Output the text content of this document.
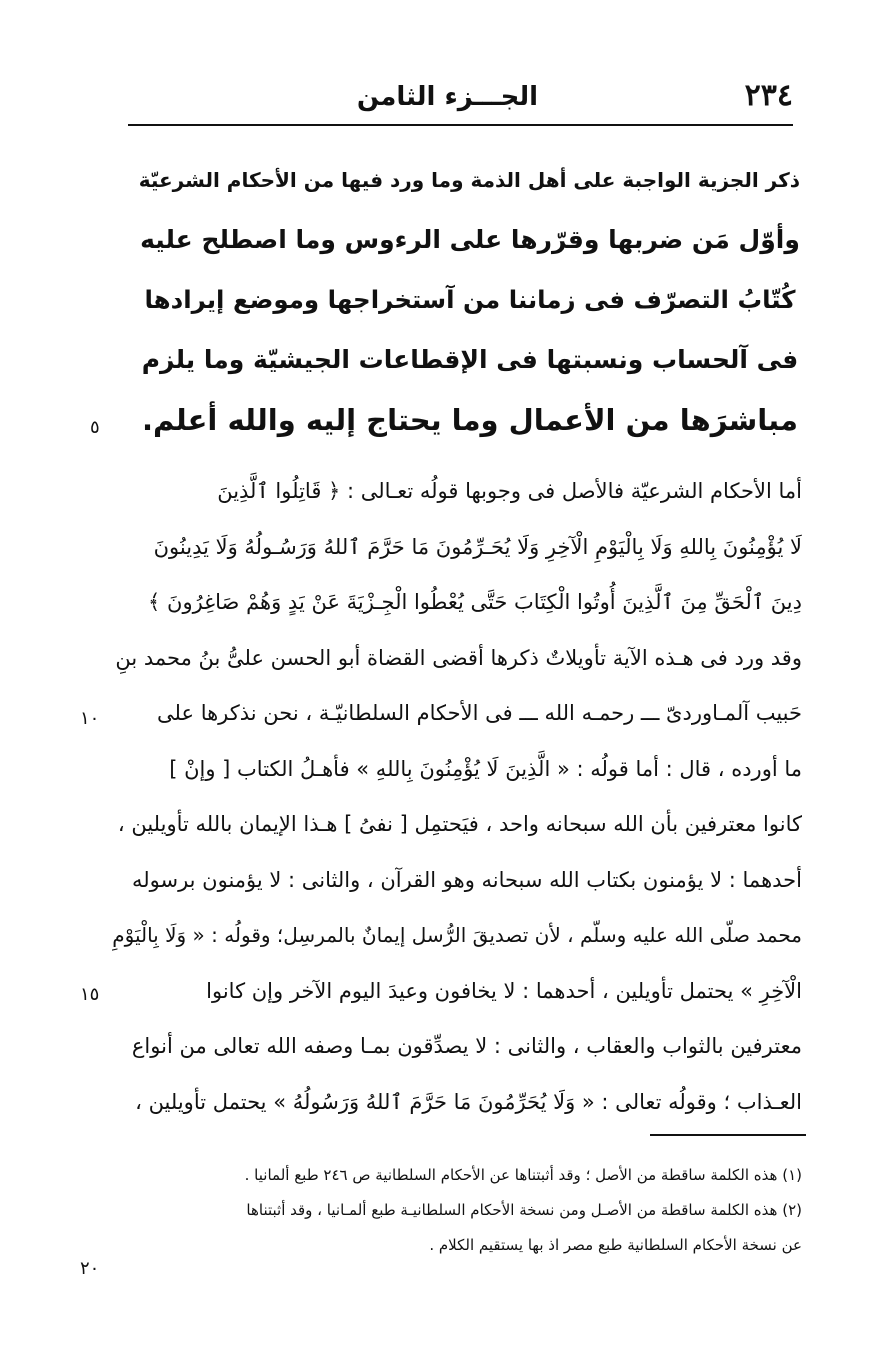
٢٣٤
الجـــزء الثامن
ذكر الجزية الواجبة على أهل الذمة وما ورد فيها من الأحكام الشرعيّة
وأوّل مَن ضربها وقرّرها على الرءوس وما اصطلح عليه
كُتّابُ التصرّف فى زماننا من آستخراجها وموضع إيرادها
فى آلحساب ونسبتها فى الإقطاعات الجيشيّة وما يلزم
مباشرَها من الأعمال وما يحتاج إليه والله أعلم.
٥
١٠
١٥
٢٠
أما الأحكام الشرعيّة فالأصل فى وجوبها قولُه تعـالى : ﴿ قَاتِلُوا ٱلَّذِينَ
لَا يُؤْمِنُونَ بِاللهِ وَلَا بِالْيَوْمِ الْآخِرِ وَلَا يُحَـرِّمُونَ مَا حَرَّمَ ٱللهُ وَرَسُـولُهُ وَلَا يَدِينُونَ
دِينَ ٱلْحَقِّ مِنَ ٱلَّذِينَ أُوتُوا الْكِتَابَ حَتَّى يُعْطُوا الْجِـزْيَةَ عَنْ يَدٍ وَهُمْ صَاغِرُونَ ﴾
وقد ورد فى هـذه الآية تأويلاتٌ ذكرها أقضى القضاة أبو الحسن علىُّ بنُ محمد بنِ
حَبيب آلمـاوردىّ ـــ رحمـه الله ـــ فى الأحكام السلطانيّـة ، نحن نذكرها على
ما أورده ، قال : أما قولُه : « الَّذِينَ لَا يُؤْمِنُونَ بِاللهِ » فأهـلُ الكتاب [ وإنْ ]
كانوا معترفين بأن الله سبحانه واحد ، فيَحتمِل [ نفىُ ] هـذا الإيمان بالله تأويلين ،
أحدهما : لا يؤمنون بكتاب الله سبحانه وهو القرآن ، والثانى : لا يؤمنون برسوله
محمد صلّى الله عليه وسلّم ، لأن تصديقَ الرُّسل إيمانٌ بالمرسِل؛ وقولُه : « وَلَا بِالْيَوْمِ
الْآخِرِ » يحتمل تأويلين ، أحدهما : لا يخافون وعيدَ اليوم الآخر وإن كانوا
معترفين بالثواب والعقاب ، والثانى : لا يصدِّقون بمـا وصفه الله تعالى من أنواع
العـذاب ؛ وقولُه تعالى : « وَلَا يُحَرِّمُونَ مَا حَرَّمَ ٱللهُ وَرَسُولُهُ » يحتمل تأويلين ،
(١) هذه الكلمة ساقطة من الأصل ؛ وقد أثبتناها عن الأحكام السلطانية ص ٢٤٦ طبع ألمانيا .
(٢) هذه الكلمة ساقطة من الأصـل ومن نسخة الأحكام السلطانيـة طبع ألمـانيا ، وقد أثبتناها
عن نسخة الأحكام السلطانية طبع مصر اذ بها يستقيم الكلام .
